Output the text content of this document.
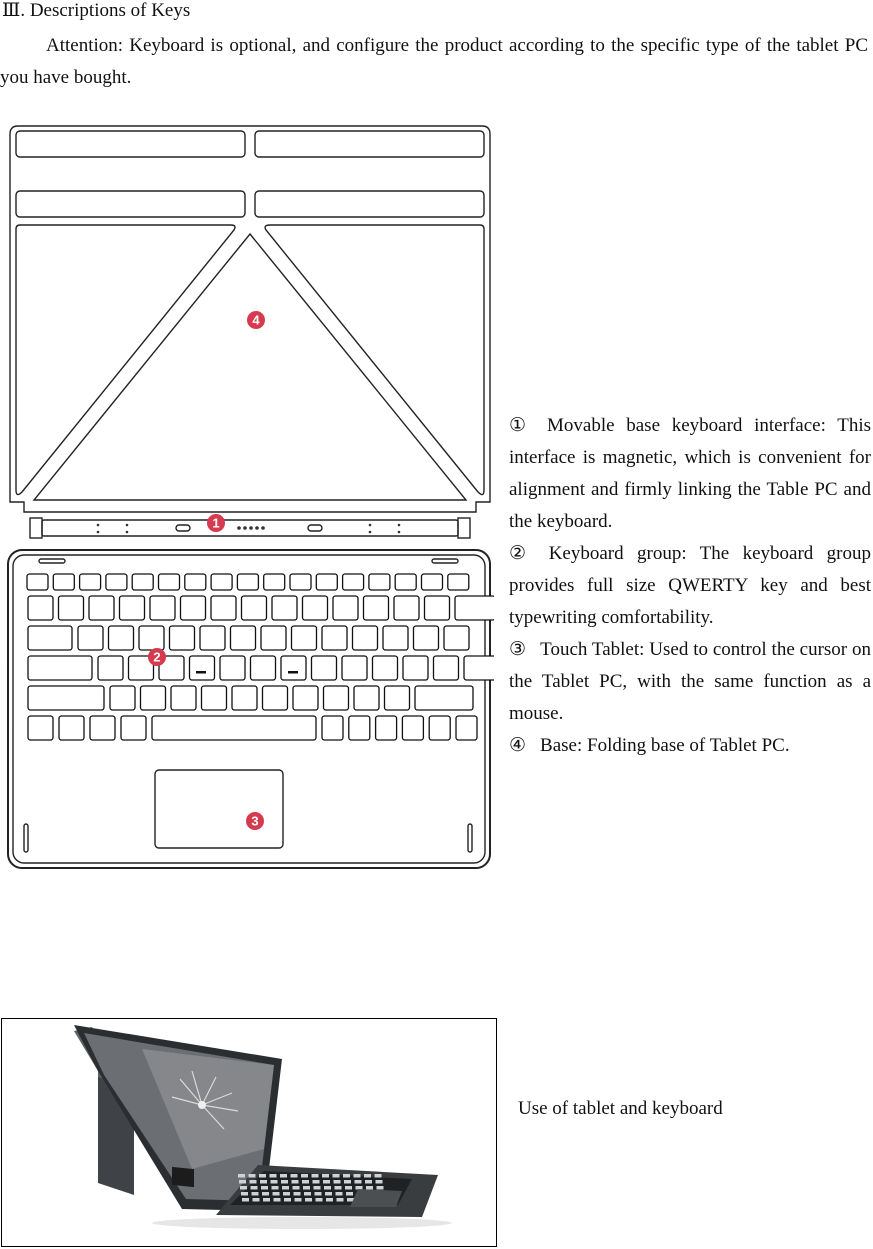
Ⅲ. Descriptions of Keys
Attention: Keyboard is optional, and configure the product according to the specific type of the tablet PC you have bought.
1
2
3
4

① Movable base keyboard interface: This interface is magnetic, which is convenient for alignment and firmly linking the Table PC and the keyboard.

② Keyboard group: The keyboard group provides full size QWERTY key and best typewriting comfortability.

③ Touch Tablet: Used to control the cursor on the Tablet PC, with the same function as a mouse.

④ Base: Folding base of Tablet PC.

Use of tablet and keyboard
